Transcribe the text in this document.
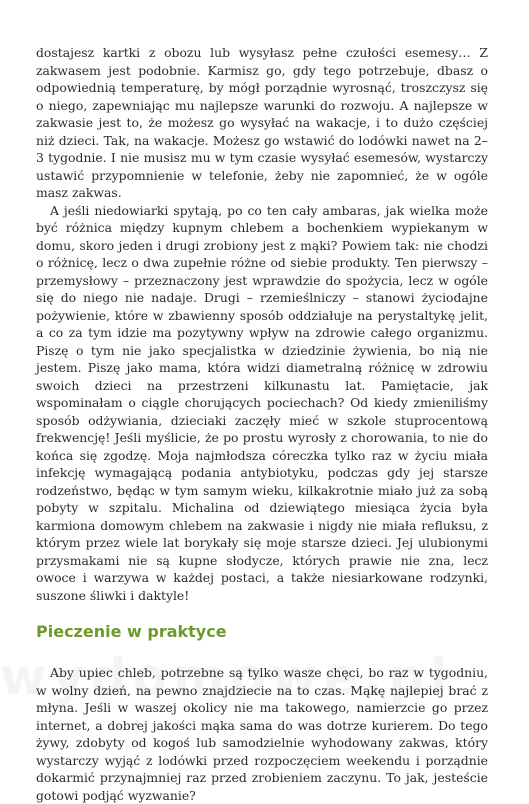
dostajesz kartki z obozu lub wysyłasz pełne czułości esemesy… Z zakwasem jest podobnie. Karmisz go, gdy tego potrzebuje, dbasz o odpowiednią temperaturę, by mógł porządnie wyrosnąć, troszczysz się o niego, zapewniając mu najlepsze warunki do rozwoju. A najlepsze w zakwasie jest to, że możesz go wysyłać na wakacje, i to dużo częściej niż dzieci. Tak, na wakacje. Możesz go wstawić do lodówki nawet na 2–3 tygodnie. I nie musisz mu w tym czasie wysyłać esemesów, wystarczy ustawić przypomnienie w telefonie, żeby nie zapomnieć, że w ogóle masz zakwas.

A jeśli niedowiarki spytają, po co ten cały ambaras, jak wielka może być różnica między kupnym chlebem a bochenkiem wypiekanym w domu, skoro jeden i drugi zrobiony jest z mąki? Powiem tak: nie chodzi o różnicę, lecz o dwa zupełnie różne od siebie produkty. Ten pierwszy – przemysłowy – przeznaczony jest wprawdzie do spożycia, lecz w ogóle się do niego nie nadaje. Drugi – rzemieślniczy – stanowi życiodajne pożywienie, które w zbawienny sposób oddziałuje na perystaltykę jelit, a co za tym idzie ma pozytywny wpływ na zdrowie całego organizmu. Piszę o tym nie jako specjalistka w dziedzinie żywienia, bo nią nie jestem. Piszę jako mama, która widzi diametralną różnicę w zdrowiu swoich dzieci na przestrzeni kilkunastu lat. Pamiętacie, jak wspominałam o ciągle chorujących pociechach? Od kiedy zmieniliśmy sposób odżywiania, dzieciaki zaczęły mieć w szkole stuprocentową frekwencję! Jeśli myślicie, że po prostu wyrosły z chorowania, to nie do końca się zgodzę. Moja najmłodsza córeczka tylko raz w życiu miała infekcję wymagającą podania antybiotyku, podczas gdy jej starsze rodzeństwo, będąc w tym samym wieku, kilkakrotnie miało już za sobą pobyty w szpitalu. Michalina od dziewiątego miesiąca życia była karmiona domowym chlebem na zakwasie i nigdy nie miała refluksu, z którym przez wiele lat borykały się moje starsze dzieci. Jej ulubionymi przysmakami nie są kupne słodycze, których prawie nie zna, lecz owoce i warzywa w każdej postaci, a także niesiarkowane rodzynki, suszone śliwki i daktyle!

Pieczenie w praktyce

Aby upiec chleb, potrzebne są tylko wasze chęci, bo raz w tygodniu, w wolny dzień, na pewno znajdziecie na to czas. Mąkę najlepiej brać z młyna. Jeśli w waszej okolicy nie ma takowego, namierzcie go przez internet, a dobrej jakości mąka sama do was dotrze kurierem. Do tego żywy, zdobyty od kogoś lub samodzielnie wyhodowany zakwas, który wystarczy wyjąć z lodówki przed rozpoczęciem weekendu i porządnie dokarmić przynajmniej raz przed zrobieniem zaczynu. To jak, jesteście gotowi podjąć wyzwanie?
